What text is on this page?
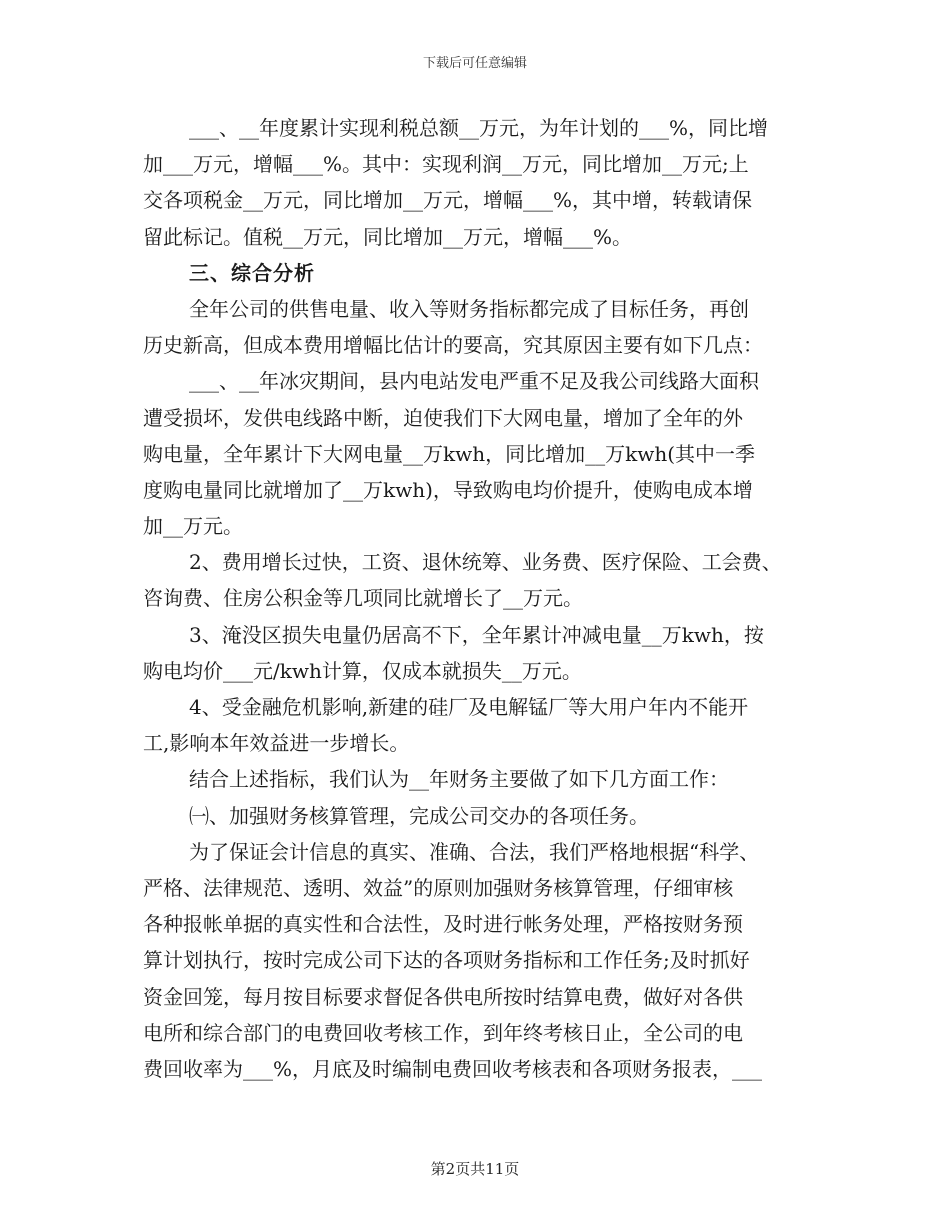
下载后可任意编辑
___、__年度累计实现利税总额__万元，为年计划的___%，同比增
加___万元，增幅___%。其中：实现利润__万元，同比增加__万元;上
交各项税金__万元，同比增加__万元，增幅___%，其中增，转载请保
留此标记。值税__万元，同比增加__万元，增幅___%。
三、综合分析
全年公司的供售电量、收入等财务指标都完成了目标任务，再创
历史新高，但成本费用增幅比估计的要高，究其原因主要有如下几点：
___、__年冰灾期间，县内电站发电严重不足及我公司线路大面积
遭受损坏，发供电线路中断，迫使我们下大网电量，增加了全年的外
购电量，全年累计下大网电量__万kwh，同比增加__万kwh(其中一季
度购电量同比就增加了__万kwh)，导致购电均价提升，使购电成本增
加__万元。
2、费用增长过快，工资、退休统筹、业务费、医疗保险、工会费、
咨询费、住房公积金等几项同比就增长了__万元。
3、淹没区损失电量仍居高不下，全年累计冲减电量__万kwh，按
购电均价___元/kwh计算，仅成本就损失__万元。
4、受金融危机影响,新建的硅厂及电解锰厂等大用户年内不能开
工,影响本年效益进一步增长。
结合上述指标，我们认为__年财务主要做了如下几方面工作：
㈠、加强财务核算管理，完成公司交办的各项任务。
为了保证会计信息的真实、准确、合法，我们严格地根据“科学、
严格、法律规范、透明、效益”的原则加强财务核算管理，仔细审核
各种报帐单据的真实性和合法性，及时进行帐务处理，严格按财务预
算计划执行，按时完成公司下达的各项财务指标和工作任务;及时抓好
资金回笼，每月按目标要求督促各供电所按时结算电费，做好对各供
电所和综合部门的电费回收考核工作，到年终考核日止，全公司的电
费回收率为___%，月底及时编制电费回收考核表和各项财务报表，___
第2页共11页
